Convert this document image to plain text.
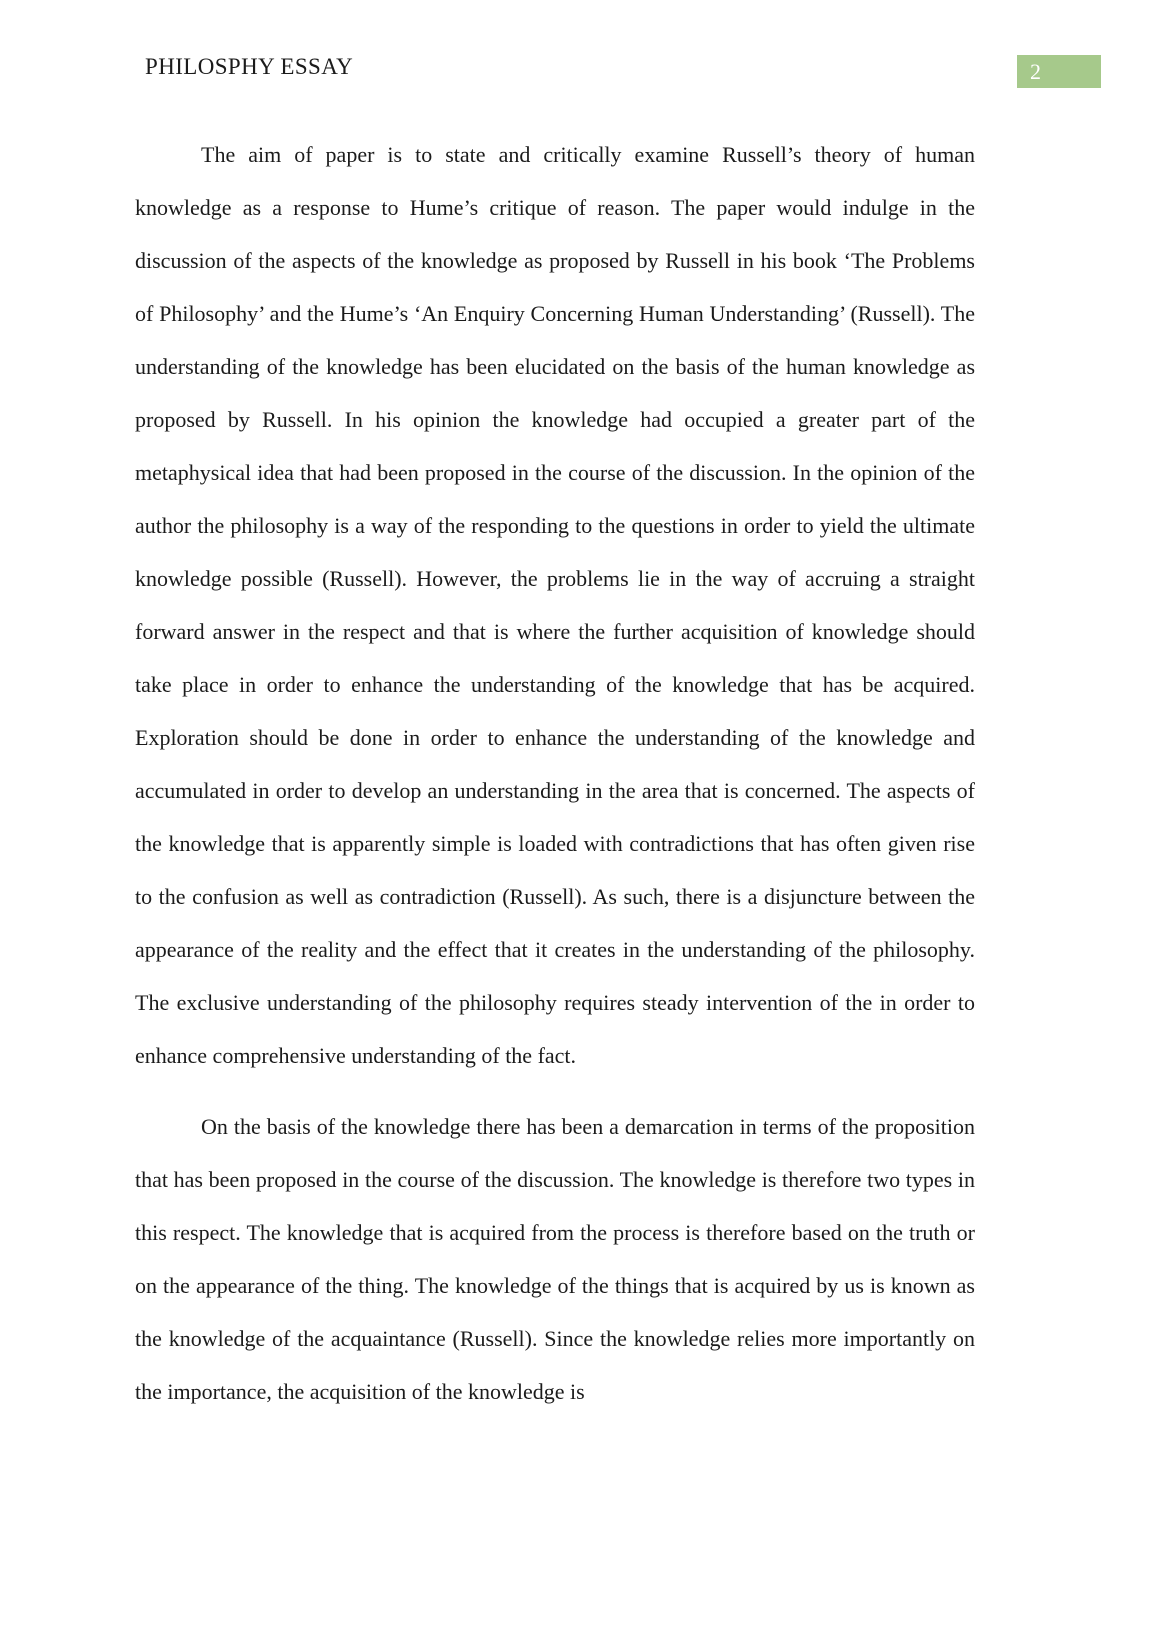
PHILOSPHY ESSAY	2

The aim of paper is to state and critically examine Russell’s theory of human knowledge as a response to Hume’s critique of reason. The paper would indulge in the discussion of the aspects of the knowledge as proposed by Russell in his book ‘The Problems of Philosophy’ and the Hume’s ‘An Enquiry Concerning Human Understanding’ (Russell). The understanding of the knowledge has been elucidated on the basis of the human knowledge as proposed by Russell. In his opinion the knowledge had occupied a greater part of the metaphysical idea that had been proposed in the course of the discussion. In the opinion of the author the philosophy is a way of the responding to the questions in order to yield the ultimate knowledge possible (Russell). However, the problems lie in the way of accruing a straight forward answer in the respect and that is where the further acquisition of knowledge should take place in order to enhance the understanding of the knowledge that has be acquired. Exploration should be done in order to enhance the understanding of the knowledge and accumulated in order to develop an understanding in the area that is concerned. The aspects of the knowledge that is apparently simple is loaded with contradictions that has often given rise to the confusion as well as contradiction (Russell). As such, there is a disjuncture between the appearance of the reality and the effect that it creates in the understanding of the philosophy. The exclusive understanding of the philosophy requires steady intervention of the in order to enhance comprehensive understanding of the fact.

On the basis of the knowledge there has been a demarcation in terms of the proposition that has been proposed in the course of the discussion. The knowledge is therefore two types in this respect. The knowledge that is acquired from the process is therefore based on the truth or on the appearance of the thing. The knowledge of the things that is acquired by us is known as the knowledge of the acquaintance (Russell). Since the knowledge relies more importantly on the importance, the acquisition of the knowledge is
